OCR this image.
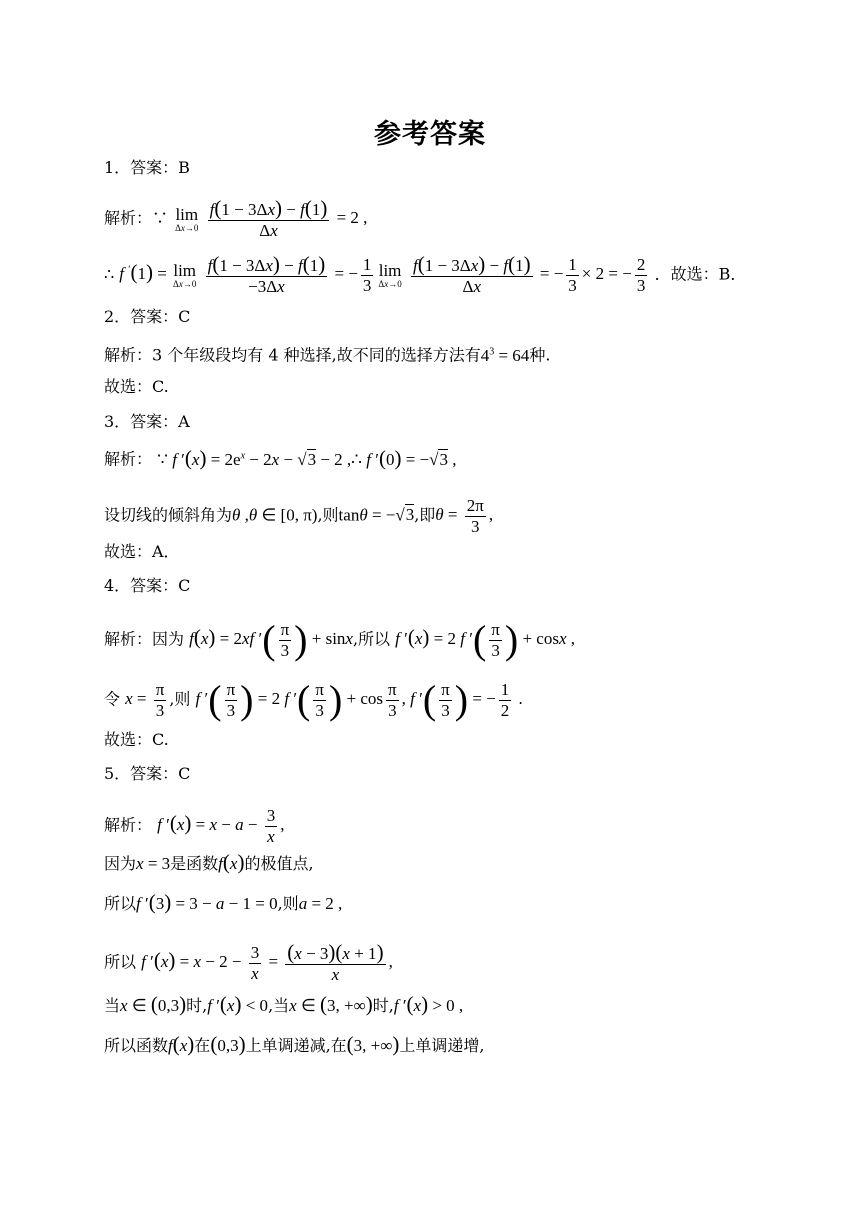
参考答案
1．答案：B
解析：∵ lim
Δx→0
$\frac{f(1 - 3\Delta x) - f(1)}{\Delta x} = 2$ ,
∴ f ′(1) = lim
Δx→0
$\frac{f(1 - 3\Delta x) - f(1)}{-3\Delta x}$ = − $\frac{1}{3}$ lim
Δx→0
$\frac{f(1 - 3\Delta x) - f(1)}{\Delta x}$ = − $\frac{1}{3} \times 2$ = − $\frac{2}{3}$ ．故选：B．
2．答案：C
解析：3 个年级段均有 4 种选择,故不同的选择方法有$4^3 = 64$种.
故选：C.
3．答案：A
解析： ∵ f $'(x) = 2e^x - 2x - √3 - 2$ ,∴ f ′(0) = −√3 ,
设切线的倾斜角为θ ,θ ∈ [0, π),则tanθ = −√3,即$\theta = \frac{2\pi}{3}$ ,
故选：A．
4．答案：C
解析：因为 f(x) = 2xf ′( $\frac{\pi}{3}$ ) + sinx,所以 f ′(x) = 2 f ′( $\frac{\pi}{3}$ ) + cosx ,
令 $x = \frac{\pi}{3}$ ,则 f ′( $\frac{\pi}{3}$ ) = 2 f ′( $\frac{\pi}{3}$ ) + $\cos \frac{\pi}{3}$ , f ′( $\frac{\pi}{3}$ ) = − $\frac{1}{2}$ .
故选：C.
5．答案：C
解析： f $'(x) = x - a - \frac{3}{x}$ ,
因为x = 3是函数f(x)的极值点,
所以f ′(3) = 3 − a − 1 = 0,则a = 2 ,
所以 f $'(x) = x - 2 - \frac{3}{x} = \frac{(x - 3)(x + 1)}{x}$ ,
当x ∈ (0,3)时,f ′(x) < 0,当x ∈ (3, +∞)时,f ′(x) > 0 ,
所以函数f(x)在(0,3)上单调递减,在(3, +∞)上单调递增,
